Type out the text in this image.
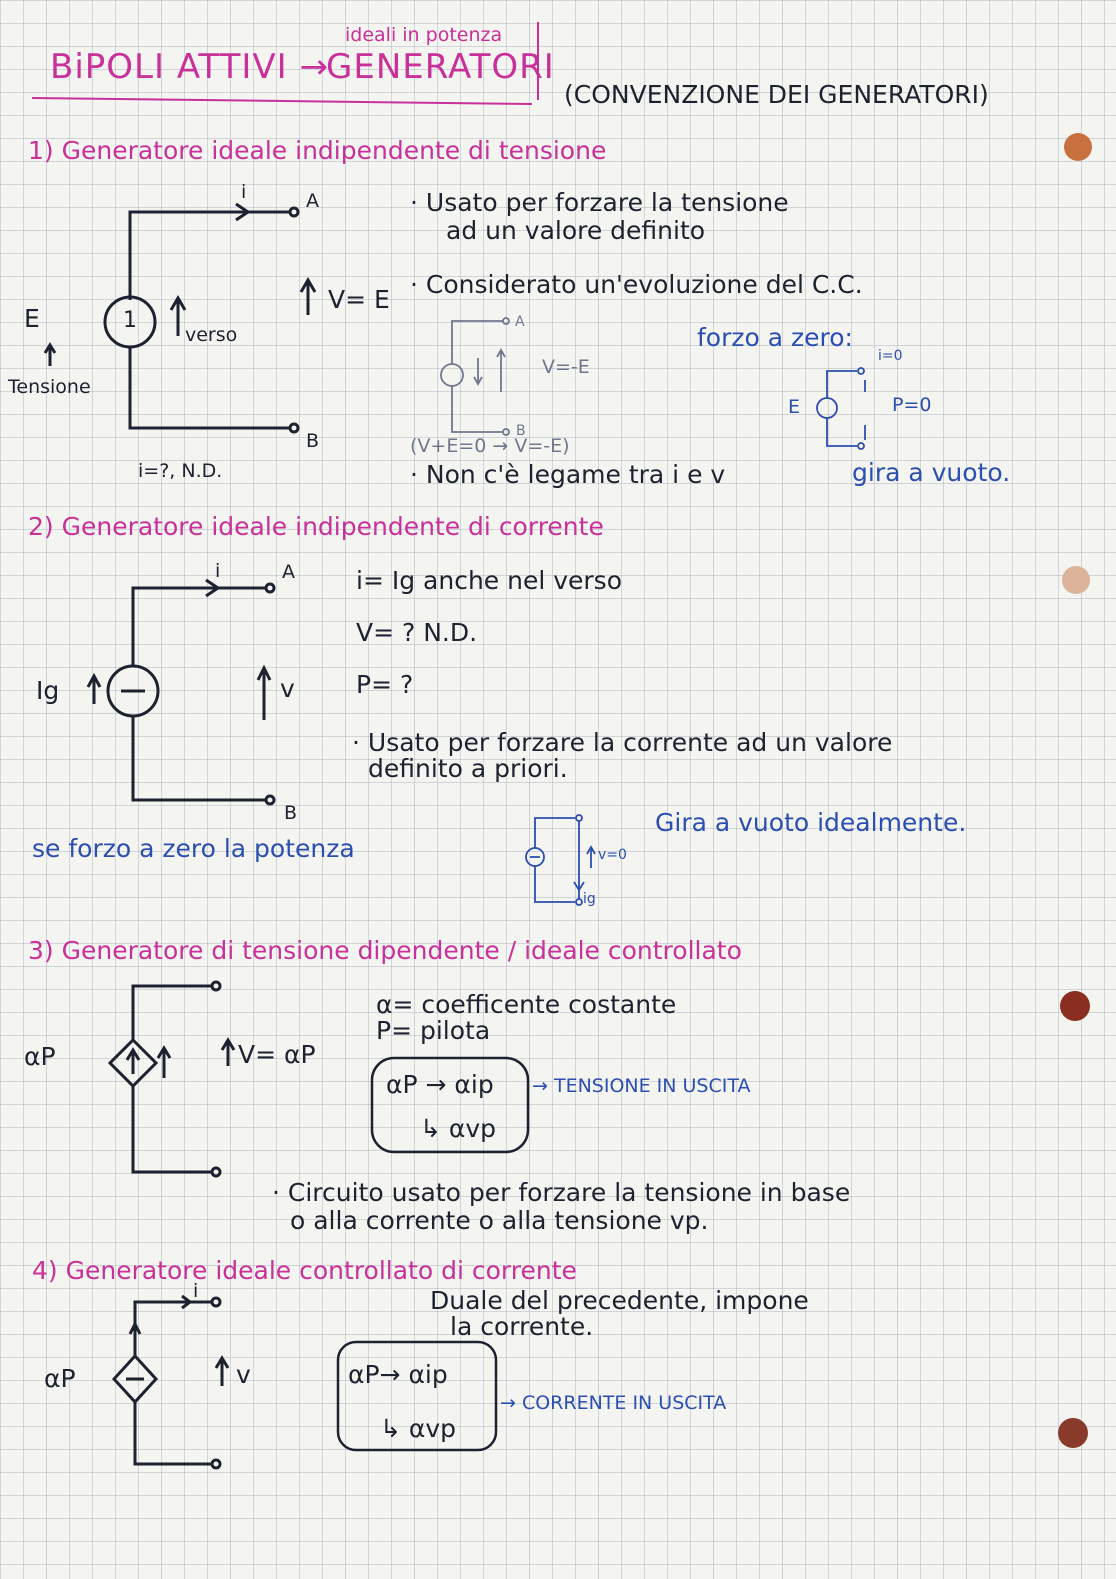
BiPOLI ATTIVI →
GENERATORI
ideali in potenza
(CONVENZIONE DEI GENERATORI)
1) Generatore ideale indipendente di tensione
i	A
B
1
verso
E
Tensione
V= E
i=?, N.D.
· Usato per forzare la tensione
ad un valore definito
· Considerato un'evoluzione del C.C.
A
B
V=-E
(V+E=0 → V=-E)
· Non c'è legame tra i e v
forzo a zero:
i=0
E	P=0
gira a vuoto.
2) Generatore ideale indipendente di corrente
i	A
B
Ig	v
i= Ig anche nel verso
V= ? N.D.
P= ?
· Usato per forzare la corrente ad un valore
definito a priori.
se forzo a zero la potenza	v=0
ig
Gira a vuoto idealmente.
3) Generatore di tensione dipendente / ideale controllato
αP	V= αP
α= coefficente costante
P= pilota
αP → αip
↳ αvp
→ TENSIONE IN USCITA
· Circuito usato per forzare la tensione in base
o alla corrente o alla tensione vp.
4) Generatore ideale controllato di corrente
i
αP	v
Duale del precedente, impone
la corrente.
αP→ αip
↳ αvp
→ CORRENTE IN USCITA
